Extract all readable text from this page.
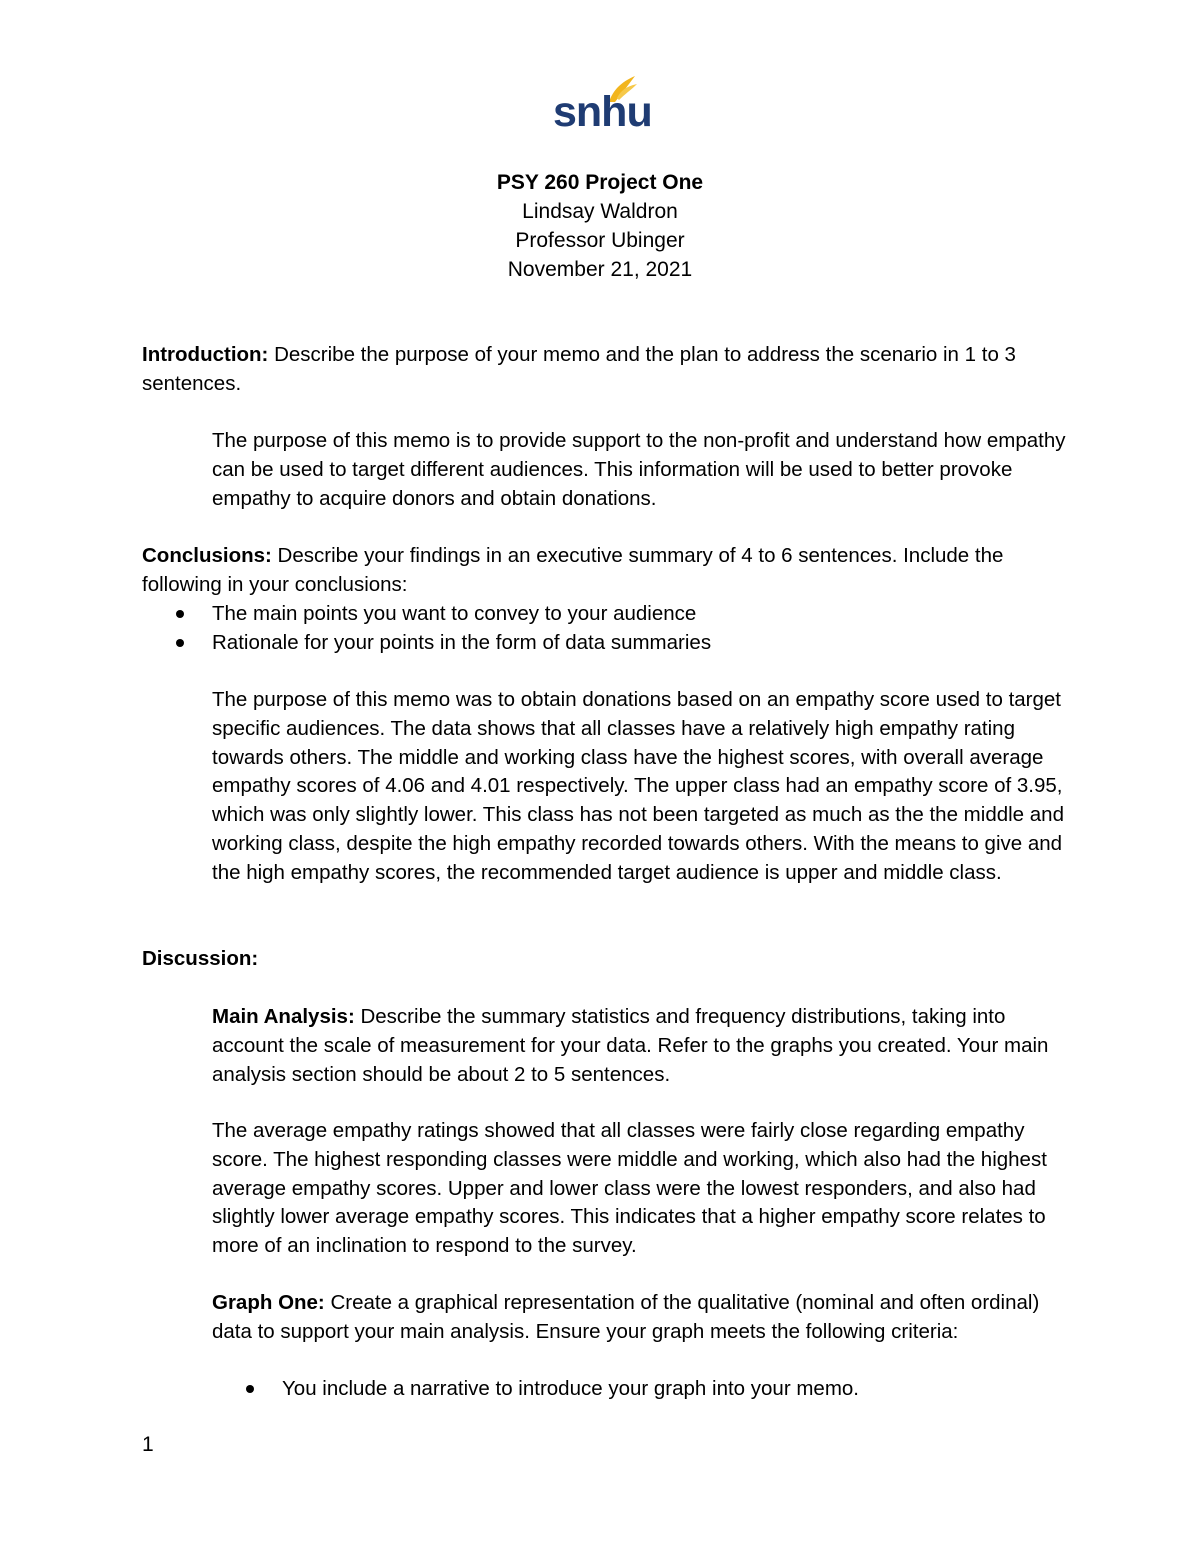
snhu
PSY 260 Project One
Lindsay Waldron
Professor Ubinger
November 21, 2021
Introduction: Describe the purpose of your memo and the plan to address the scenario in 1 to 3 sentences.
The purpose of this memo is to provide support to the non-profit and understand how empathy can be used to target different audiences. This information will be used to better provoke empathy to acquire donors and obtain donations.
Conclusions: Describe your findings in an executive summary of 4 to 6 sentences. Include the following in your conclusions:
The main points you want to convey to your audience
Rationale for your points in the form of data summaries
The purpose of this memo was to obtain donations based on an empathy score used to target specific audiences. The data shows that all classes have a relatively high empathy rating towards others. The middle and working class have the highest scores, with overall average empathy scores of 4.06 and 4.01 respectively. The upper class had an empathy score of 3.95, which was only slightly lower. This class has not been targeted as much as the the middle and working class, despite the high empathy recorded towards others. With the means to give and the high empathy scores, the recommended target audience is upper and middle class.
Discussion:
Main Analysis: Describe the summary statistics and frequency distributions, taking into account the scale of measurement for your data. Refer to the graphs you created. Your main analysis section should be about 2 to 5 sentences.
The average empathy ratings showed that all classes were fairly close regarding empathy score. The highest responding classes were middle and working, which also had the highest average empathy scores. Upper and lower class were the lowest responders, and also had slightly lower average empathy scores. This indicates that a higher empathy score relates to more of an inclination to respond to the survey.
Graph One: Create a graphical representation of the qualitative (nominal and often ordinal) data to support your main analysis. Ensure your graph meets the following criteria:
You include a narrative to introduce your graph into your memo.
1
